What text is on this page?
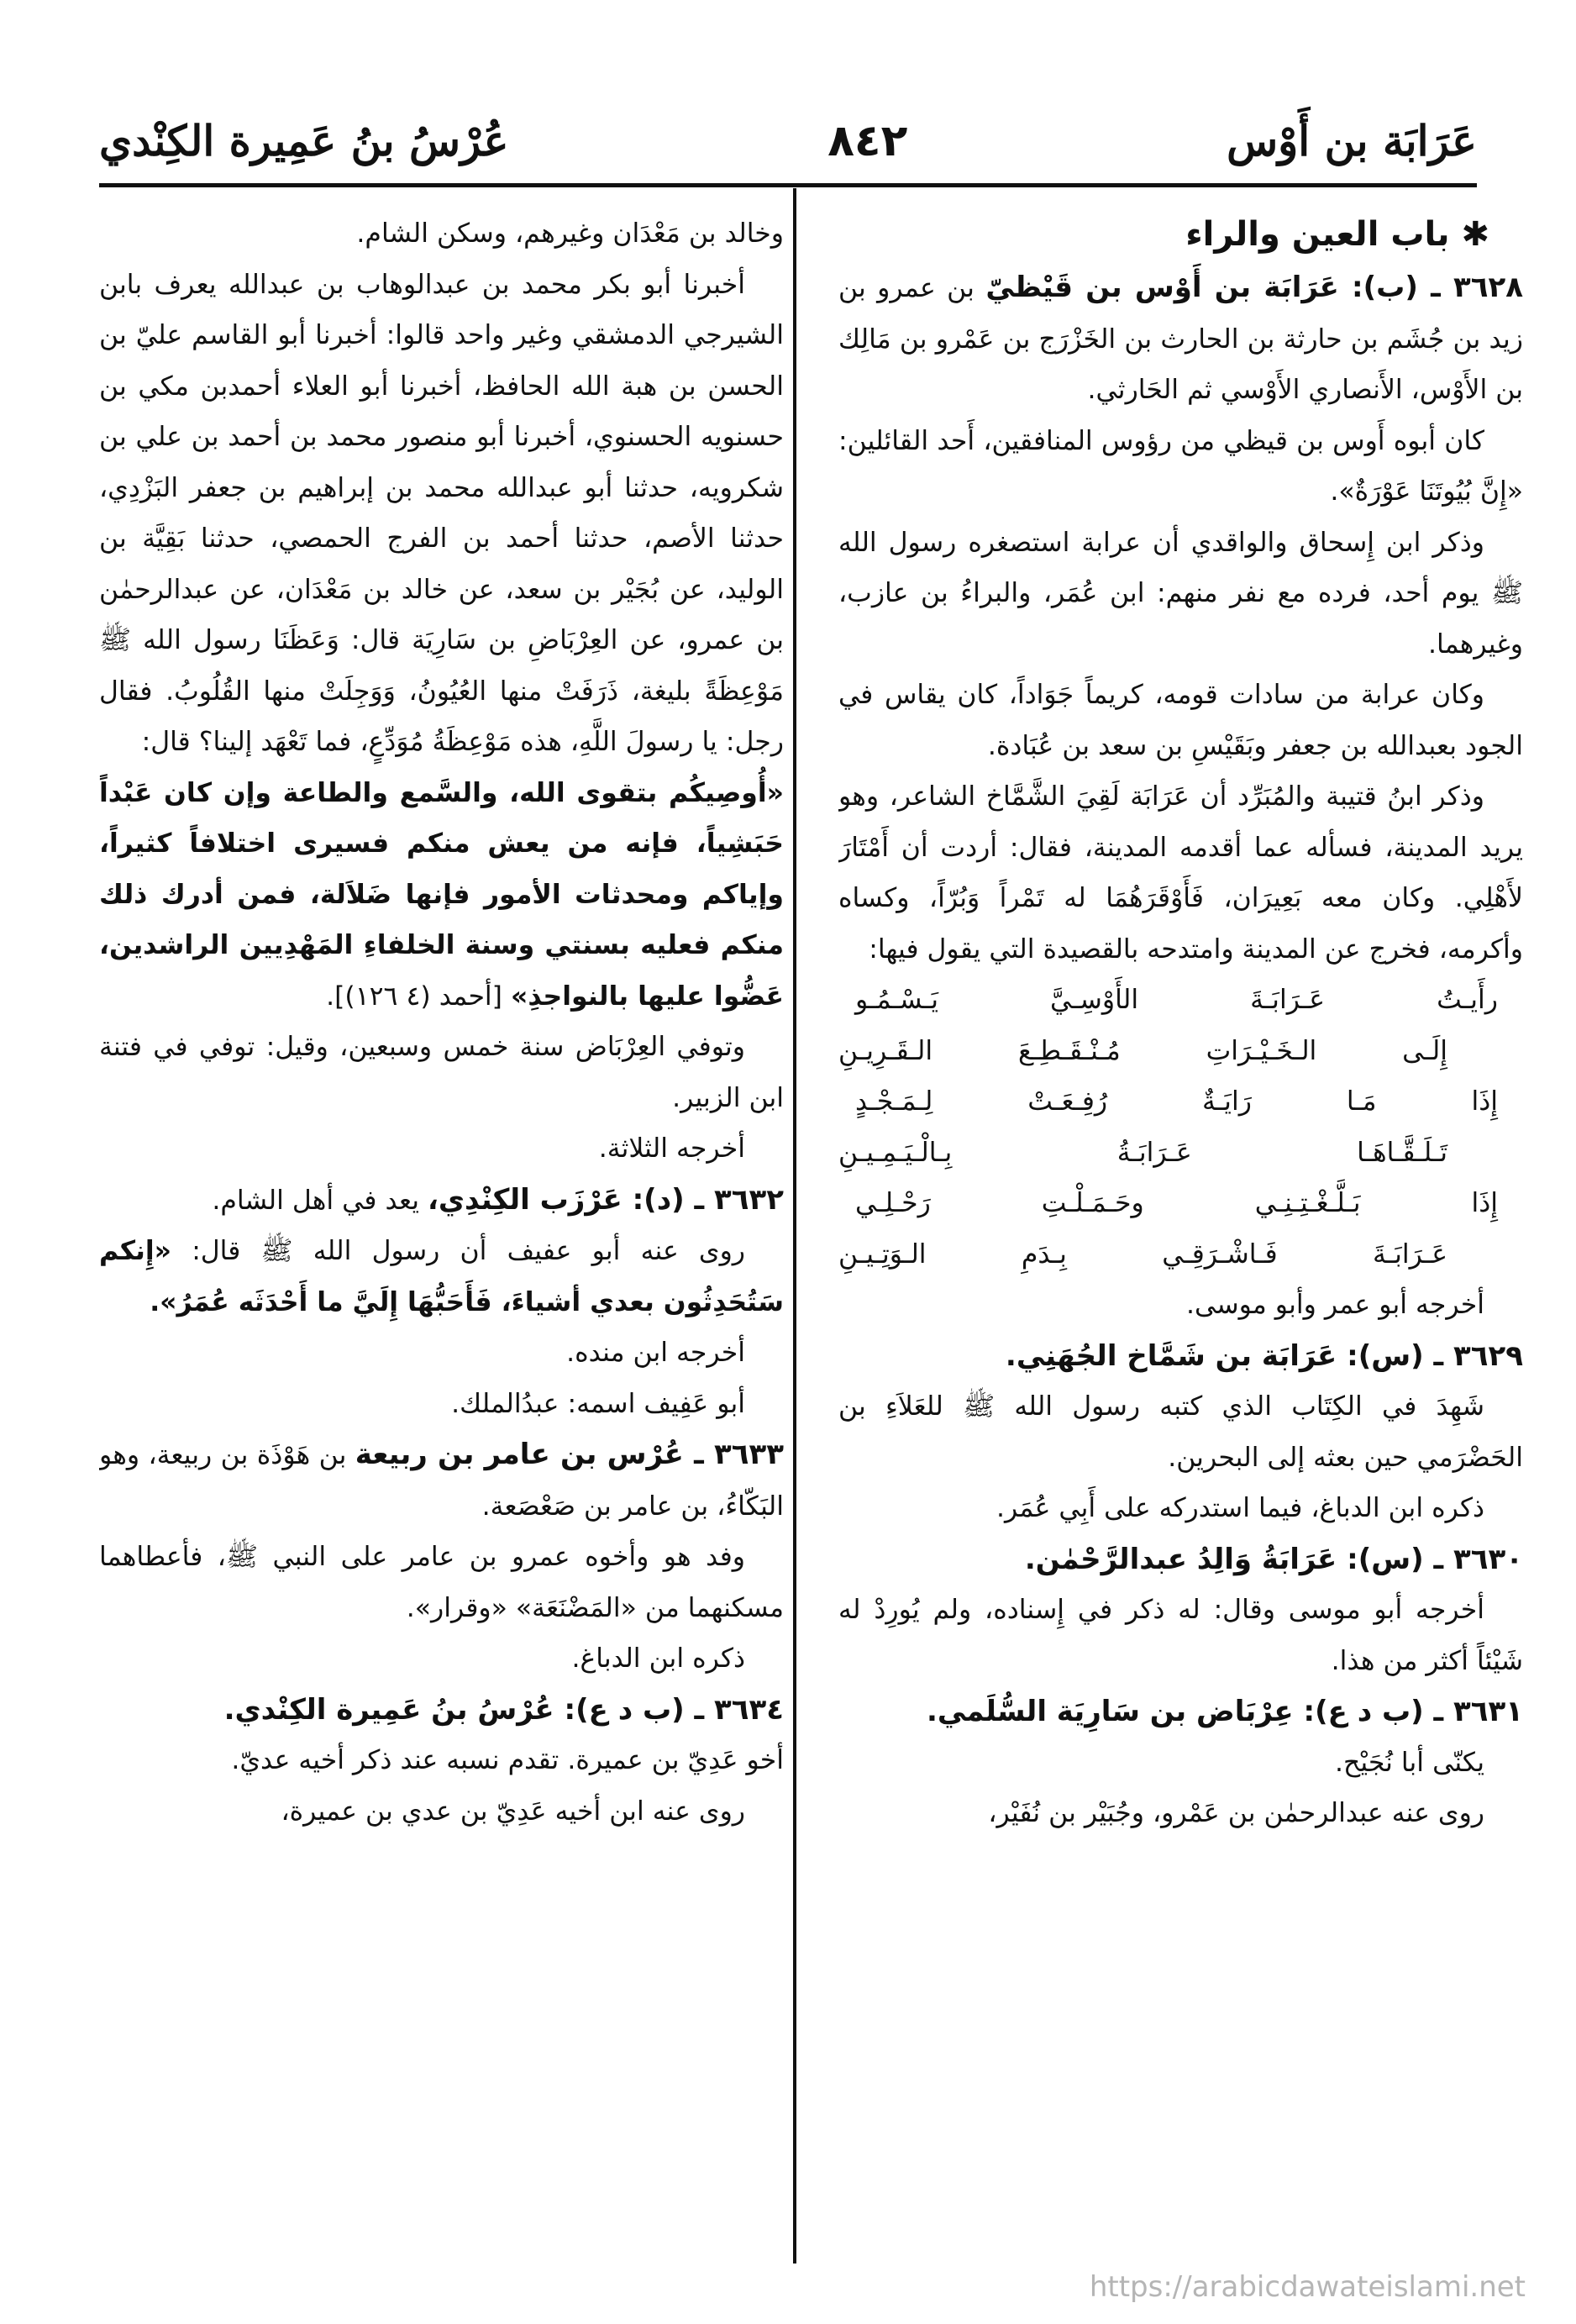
عَرَابَة بن أَوْس
٨٤٢
عُرْسُ بنُ عَمِيرة الكِنْدي
✱ باب العين والراء

٣٦٢٨ ـ (ب): عَرَابَة بن أَوْس بن قَيْظيّ بن عمرو بن زيد بن جُشَم بن حارثة بن الحارث بن الخَزْرَج بن عَمْرو بن مَالِك بن الأَوْس، الأَنصاري الأَوْسي ثم الحَارثي.

كان أبوه أَوس بن قيظي من رؤوس المنافقين، أَحد القائلين: «إِنَّ بُيُوتَنَا عَوْرَةٌ».

وذكر ابن إِسحاق والواقدي أن عرابة استصغره رسول الله ﷺ يوم أحد، فرده مع نفر منهم: ابن عُمَر، والبراءُ بن عازب، وغيرهما.

وكان عرابة من سادات قومه، كريماً جَوَاداً، كان يقاس في الجود بعبدالله بن جعفر وبَقَيْسِ بن سعد بن عُبَادة.

وذكر ابنُ قتيبة والمُبَرِّد أن عَرَابَة لَقِيَ الشَّمَّاخ الشاعر، وهو يريد المدينة، فسأله عما أقدمه المدينة، فقال: أردت أن أَمْتَارَ لأَهْلِي. وكان معه بَعِيرَان، فَأَوْقَرَهُمَا له تَمْراً وَبُرّاً، وكساه وأكرمه، فخرج عن المدينة وامتدحه بالقصيدة التي يقول فيها:

رأَيـتُ عَـرَابَـةَ الأَوْسِـيَّ يَـسْـمُـو
إِلَـى الـخَـيْـرَاتِ مُـنْـقَـطِـعَ الـقَـرِيـنِ
إِذَا مَـا رَايَـةٌ رُفِـعَـتْ لِـمَـجْـدٍ
تَـلَـقَّـاهَـا عَـرَابَـةُ بِـالْـيَـمِـيـنِ
إِذَا بَـلَّـغْـتِـنِـي وحَـمَـلْـتِ رَحْـلِـي
عَـرَابَـةَ فَـاشْـرَقِـي بِـدَمِ الـوَتِـيـنِ

أخرجه أبو عمر وأبو موسى.

٣٦٢٩ ـ (س): عَرَابَة بن شَمَّاخ الجُهَنِي.

شَهِدَ في الكِتَاب الذي كتبه رسول الله ﷺ للعَلاَءِ بن الحَضْرَمي حين بعثه إلى البحرين.

ذكره ابن الدباغ، فيما استدركه على أَبِي عُمَر.

٣٦٣٠ ـ (س): عَرَابَةُ وَالِدُ عبدالرَّحْمٰن.

أخرجه أبو موسى وقال: له ذكر في إِسناده، ولم يُورِدْ له شَيْئاً أكثر من هذا.

٣٦٣١ ـ (ب د ع): عِرْبَاض بن سَارِيَة السُّلَمي.

يكنّى أبا نُجَيْح.

روى عنه عبدالرحمٰن بن عَمْرو، وجُبَيْر بن نُفَيْر،

وخالد بن مَعْدَان وغيرهم، وسكن الشام.

أخبرنا أبو بكر محمد بن عبدالوهاب بن عبدالله يعرف بابن الشيرجي الدمشقي وغير واحد قالوا: أخبرنا أبو القاسم عليّ بن الحسن بن هبة الله الحافظ، أخبرنا أبو العلاء أحمدبن مكي بن حسنويه الحسنوي، أخبرنا أبو منصور محمد بن أحمد بن علي بن شكرويه، حدثنا أبو عبدالله محمد بن إبراهيم بن جعفر البَزْدِي، حدثنا الأصم، حدثنا أحمد بن الفرج الحمصي، حدثنا بَقِيَّة بن الوليد، عن بُجَيْر بن سعد، عن خالد بن مَعْدَان، عن عبدالرحمٰن بن عمرو، عن العِرْبَاضِ بن سَارِيَة قال: وَعَظَنَا رسول الله ﷺ مَوْعِظَةً بليغة، ذَرَفَتْ منها العُيُونُ، وَوَجِلَتْ منها القُلُوبُ. فقال رجل: يا رسولَ اللَّهِ، هذه مَوْعِظَةُ مُوَدِّعٍ، فما تَعْهَد إلينا؟ قال:

«أُوصِيكُم بتقوى الله، والسَّمع والطاعة وإن كان عَبْداً حَبَشِياً، فإنه من يعش منكم فسيرى اختلافاً كثيراً، وإياكم ومحدثات الأمور فإنها ضَلاَلة، فمن أدرك ذلك منكم فعليه بسنتي وسنة الخلفاءِ المَهْدِيين الراشدين، عَضُّوا عليها بالنواجذِ» [أحمد (٤ ١٢٦)].

وتوفي العِرْبَاض سنة خمس وسبعين، وقيل: توفي في فتنة ابن الزبير.

أخرجه الثلاثة.

٣٦٣٢ ـ (د): عَرْزَب الكِنْدِي، يعد في أهل الشام.

روى عنه أبو عفيف أن رسول الله ﷺ قال: «إِنكم سَتُحَدِثُون بعدي أشياءَ، فَأَحَبُّهَا إِلَيَّ ما أَحْدَثَه عُمَرُ».

أخرجه ابن منده.

أبو عَفِيف اسمه: عبدُالملك.

٣٦٣٣ ـ عُرْس بن عامر بن ربيعة بن هَوْذَة بن ربيعة، وهو البَكّاءُ، بن عامر بن صَعْصَعة.

وفد هو وأخوه عمرو بن عامر على النبي ﷺ، فأعطاهما مسكنهما من «المَضْنَعَة» «وقرار».

ذكره ابن الدباغ.

٣٦٣٤ ـ (ب د ع): عُرْسُ بنُ عَمِيرة الكِنْدي.

أخو عَدِيّ بن عميرة. تقدم نسبه عند ذكر أخيه عديّ.

روى عنه ابن أخيه عَدِيّ بن عدي بن عميرة،

https://arabicdawateislami.net
